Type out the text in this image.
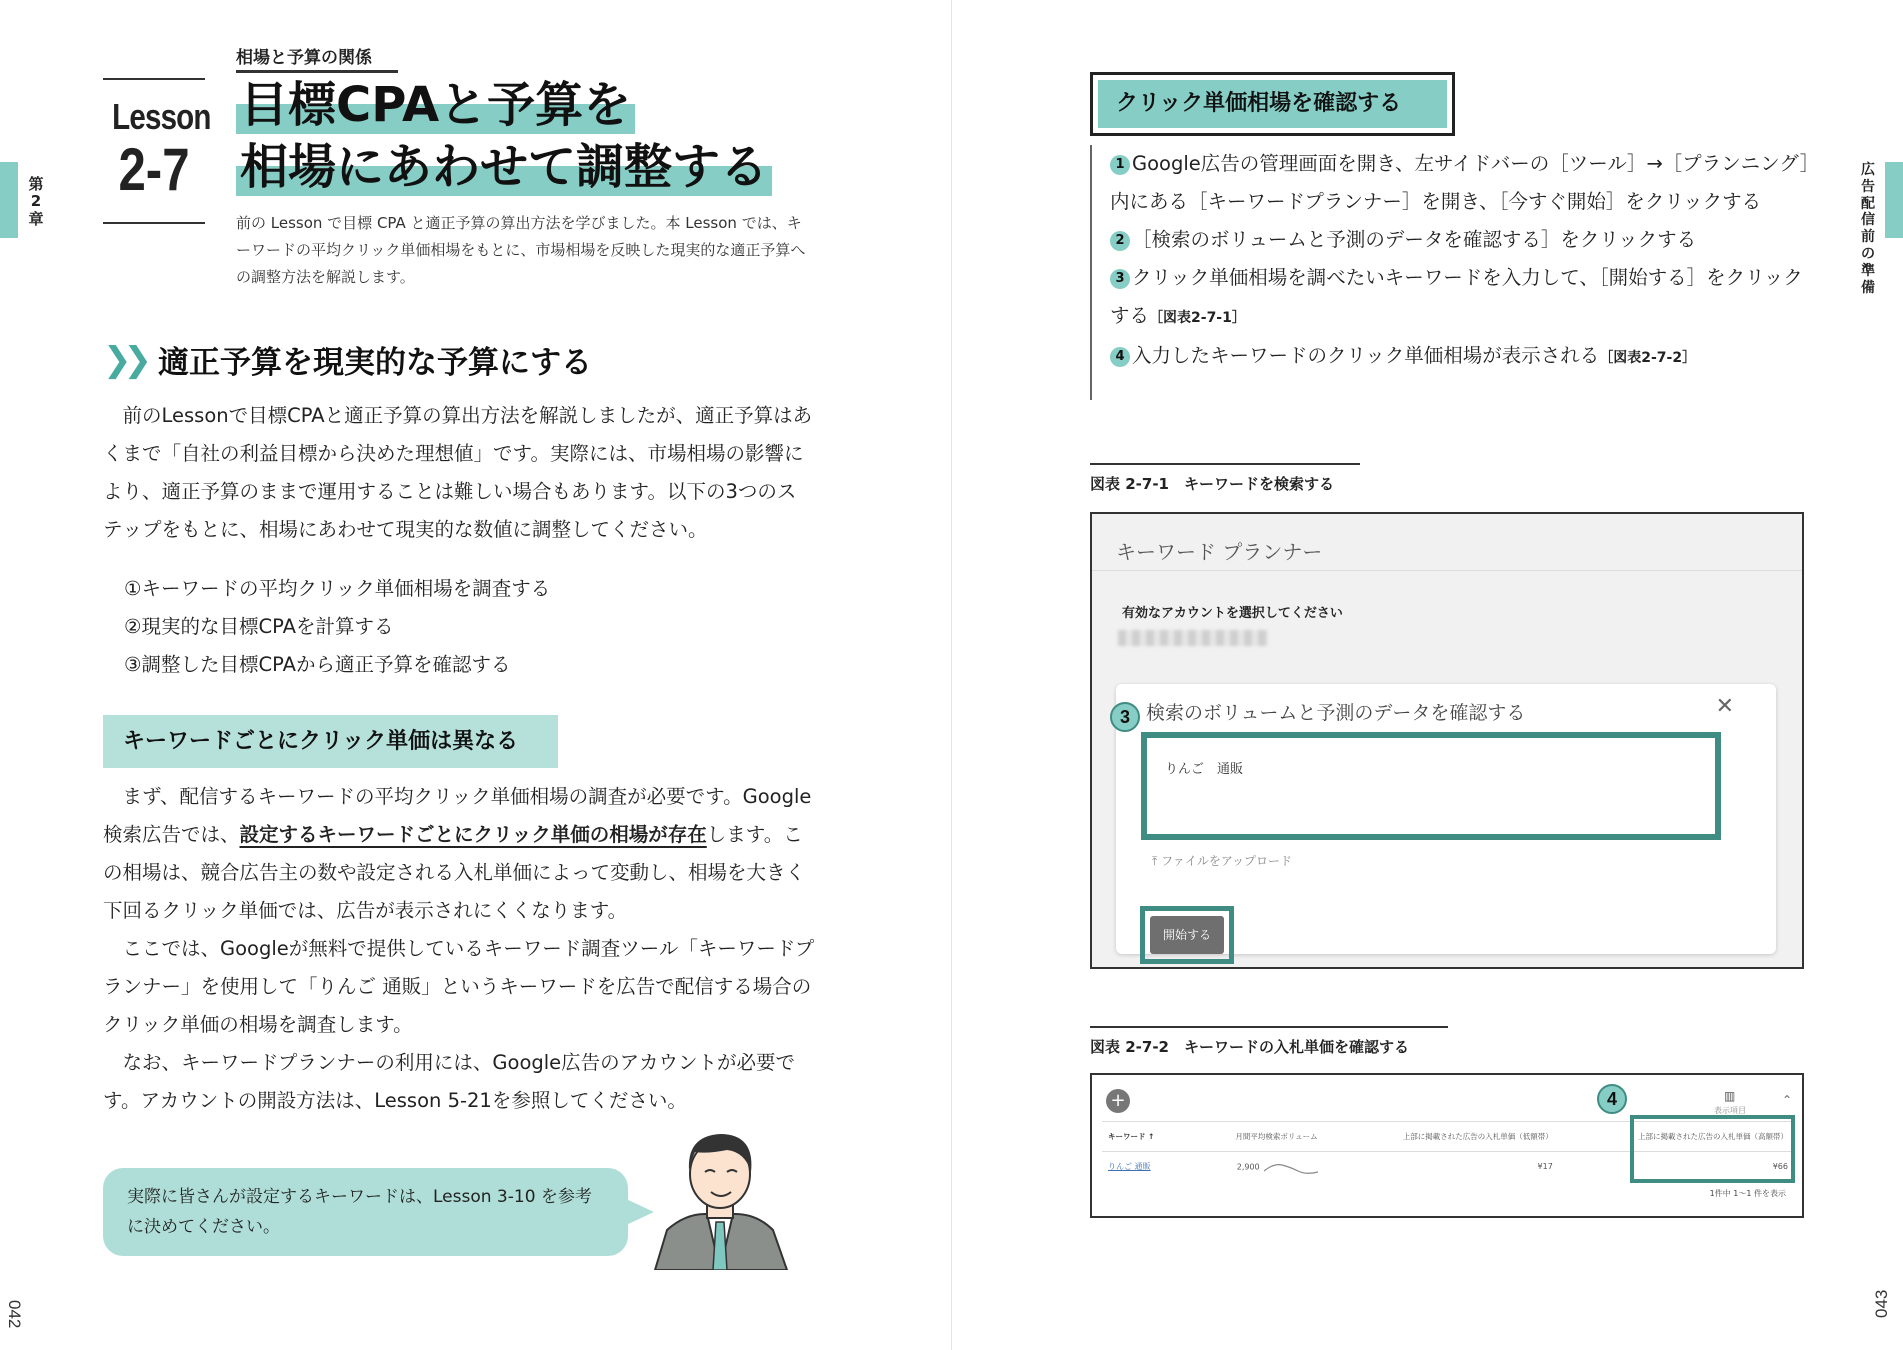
第2章
042
Lesson
2-7
相場と予算の関係
目標CPAと予算を
相場にあわせて調整する
前の Lesson で目標 CPA と適正予算の算出方法を学びました。本 Lesson では、キーワードの平均クリック単価相場をもとに、市場相場を反映した現実的な適正予算への調整方法を解説します。
❯❯ 適正予算を現実的な予算にする
前のLessonで目標CPAと適正予算の算出方法を解説しましたが、適正予算はあくまで「自社の利益目標から決めた理想値」です。実際には、市場相場の影響により、適正予算のままで運用することは難しい場合もあります。以下の3つのステップをもとに、相場にあわせて現実的な数値に調整してください。
①キーワードの平均クリック単価相場を調査する
②現実的な目標CPAを計算する
③調整した目標CPAから適正予算を確認する
キーワードごとにクリック単価は異なる
まず、配信するキーワードの平均クリック単価相場の調査が必要です。Google検索広告では、設定するキーワードごとにクリック単価の相場が存在します。この相場は、競合広告主の数や設定される入札単価によって変動し、相場を大きく下回るクリック単価では、広告が表示されにくくなります。
ここでは、Googleが無料で提供しているキーワード調査ツール「キーワードプランナー」を使用して「りんご 通販」というキーワードを広告で配信する場合のクリック単価の相場を調査します。
なお、キーワードプランナーの利用には、Google広告のアカウントが必要です。アカウントの開設方法は、Lesson 5-21を参照してください。
実際に皆さんが設定するキーワードは、Lesson 3-10 を参考に決めてください。
広告配信前の準備
043
クリック単価相場を確認する
1 Google広告の管理画面を開き、左サイドバーの［ツール］→［プランニング］内にある［キーワードプランナー］を開き、［今すぐ開始］をクリックする
2 ［検索のボリュームと予測のデータを確認する］をクリックする
3 クリック単価相場を調べたいキーワードを入力して、［開始する］をクリックする［図表2-7-1］
4 入力したキーワードのクリック単価相場が表示される［図表2-7-2］
図表 2-7-1　キーワードを検索する
キーワード プランナー
有効なアカウントを選択してください
検索のボリュームと予測のデータを確認する	✕
りんご　通販
⤒ ファイルをアップロード
開始する
3
図表 2-7-2　キーワードの入札単価を確認する
+	▥
表示項目
⌃
キーワード ↑	月間平均検索ボリューム	上部に掲載された広告の入札単価（低額帯）	上部に掲載された広告の入札単価（高額帯）
りんご 通販	2,900	¥17	¥66
1件中 1〜1 件を表示
4
